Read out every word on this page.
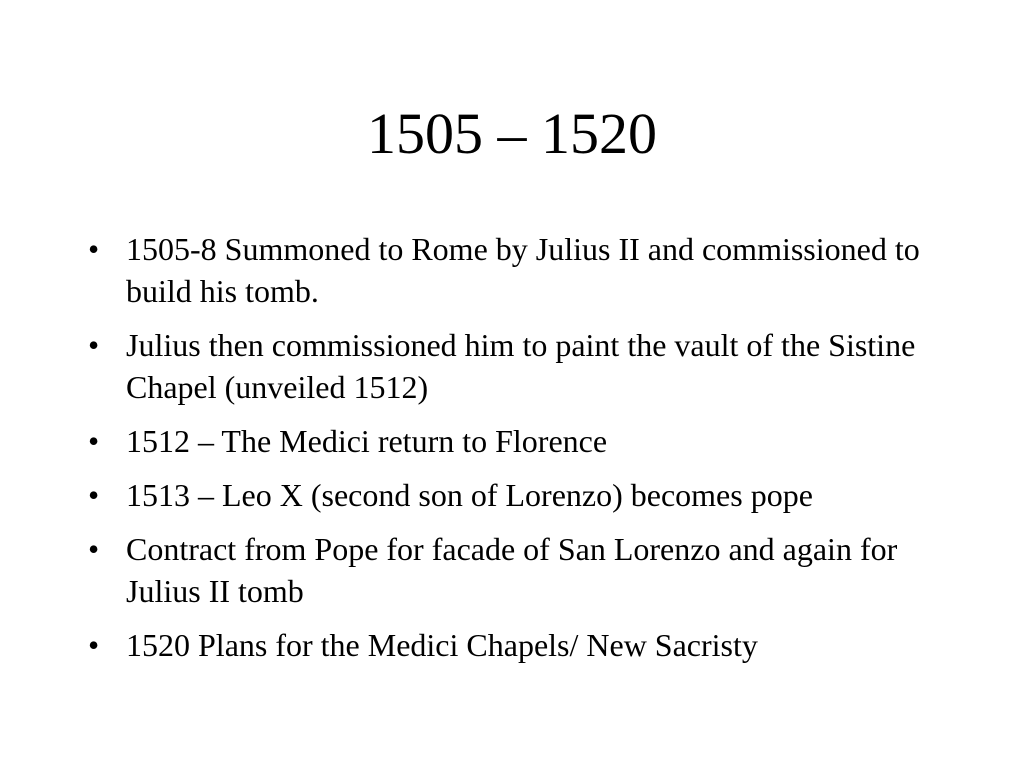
1505 – 1520
• 1505-8 Summoned to Rome by Julius II and commissioned to build his tomb.
• Julius then commissioned him to paint the vault of the Sistine Chapel (unveiled 1512)
• 1512 – The Medici return to Florence
• 1513 – Leo X (second son of Lorenzo) becomes pope
• Contract from Pope for facade of San Lorenzo and again for Julius II tomb
• 1520 Plans for the Medici Chapels/ New Sacristy
